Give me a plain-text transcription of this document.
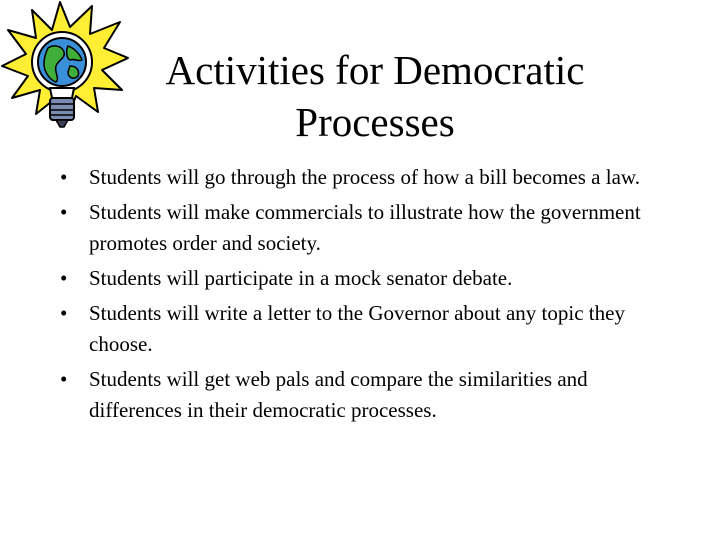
Activities for Democratic
Processes
• Students will go through the process of how a bill becomes a law.
• Students will make commercials to illustrate how the government promotes order and society.
• Students will participate in a mock senator debate.
• Students will write a letter to the Governor about any topic they choose.
• Students will get web pals and compare the similarities and differences in their democratic processes.
